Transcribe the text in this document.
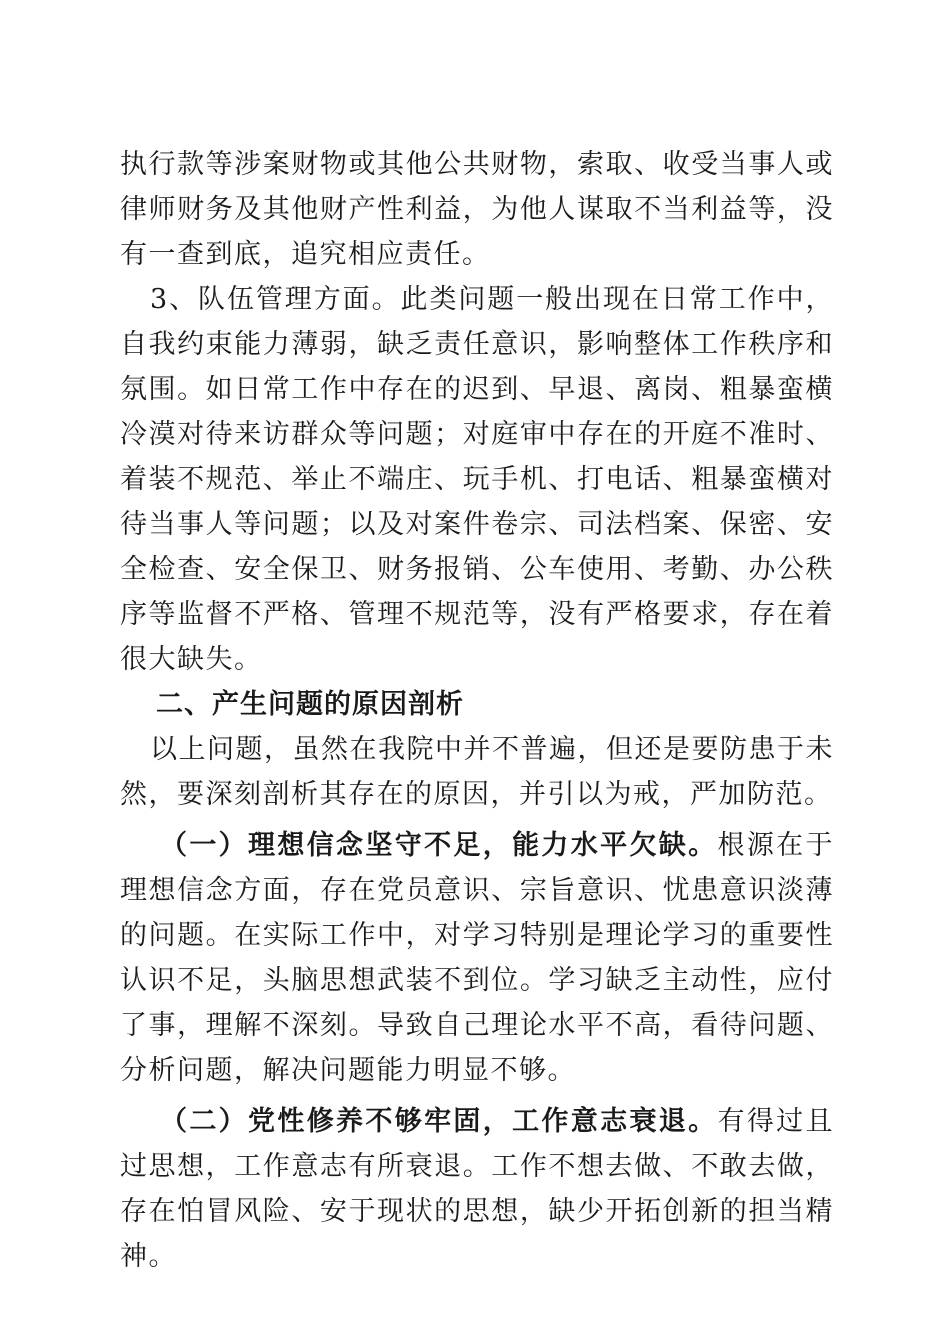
执行款等涉案财物或其他公共财物，索取、收受当事人或律师财务及其他财产性利益，为他人谋取不当利益等，没有一查到底，追究相应责任。

3、队伍管理方面。此类问题一般出现在日常工作中，自我约束能力薄弱，缺乏责任意识，影响整体工作秩序和氛围。如日常工作中存在的迟到、早退、离岗、粗暴蛮横冷漠对待来访群众等问题；对庭审中存在的开庭不准时、着装不规范、举止不端庄、玩手机、打电话、粗暴蛮横对待当事人等问题；以及对案件卷宗、司法档案、保密、安全检查、安全保卫、财务报销、公车使用、考勤、办公秩序等监督不严格、管理不规范等，没有严格要求，存在着很大缺失。

二、产生问题的原因剖析

以上问题，虽然在我院中并不普遍，但还是要防患于未然，要深刻剖析其存在的原因，并引以为戒，严加防范。

（一）理想信念坚守不足，能力水平欠缺。根源在于理想信念方面，存在党员意识、宗旨意识、忧患意识淡薄的问题。在实际工作中，对学习特别是理论学习的重要性认识不足，头脑思想武装不到位。学习缺乏主动性，应付了事，理解不深刻。导致自己理论水平不高，看待问题、分析问题，解决问题能力明显不够。

（二）党性修养不够牢固，工作意志衰退。有得过且过思想，工作意志有所衰退。工作不想去做、不敢去做，存在怕冒风险、安于现状的思想，缺少开拓创新的担当精神。
